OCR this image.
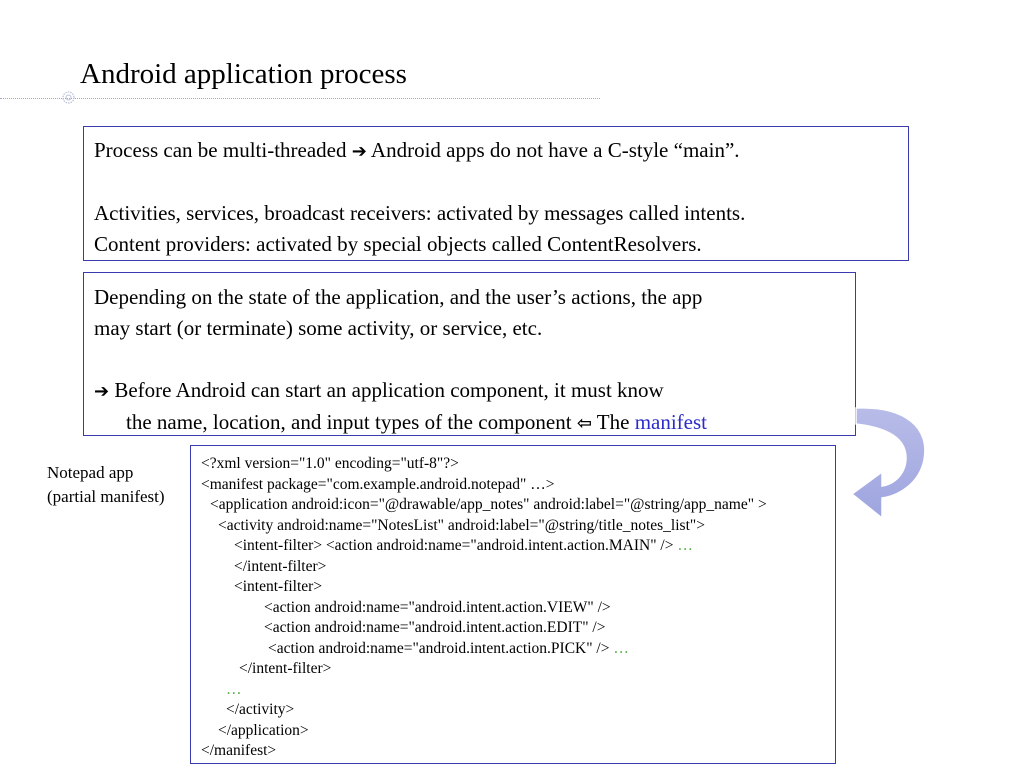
Android application process
Process can be multi-threaded ➔ Android apps do not have a C-style “main”.
Activities, services, broadcast receivers: activated by messages called intents.
Content providers: activated by special objects called ContentResolvers.
Depending on the state of the application, and the user’s actions, the app
may start (or terminate) some activity, or service, etc.
➔ Before Android can start an application component, it must know
the name, location, and input types of the component ⇦ The manifest
Notepad app
(partial manifest)
<?xml version="1.0" encoding="utf-8"?>
<manifest package="com.example.android.notepad" …>
<application android:icon="@drawable/app_notes" android:label="@string/app_name" >
<activity android:name="NotesList" android:label="@string/title_notes_list">
<intent-filter> <action android:name="android.intent.action.MAIN" /> …
</intent-filter>
<intent-filter>
<action android:name="android.intent.action.VIEW" />
<action android:name="android.intent.action.EDIT" />
<action android:name="android.intent.action.PICK" /> …
</intent-filter>
…
</activity>
</application>
</manifest>
